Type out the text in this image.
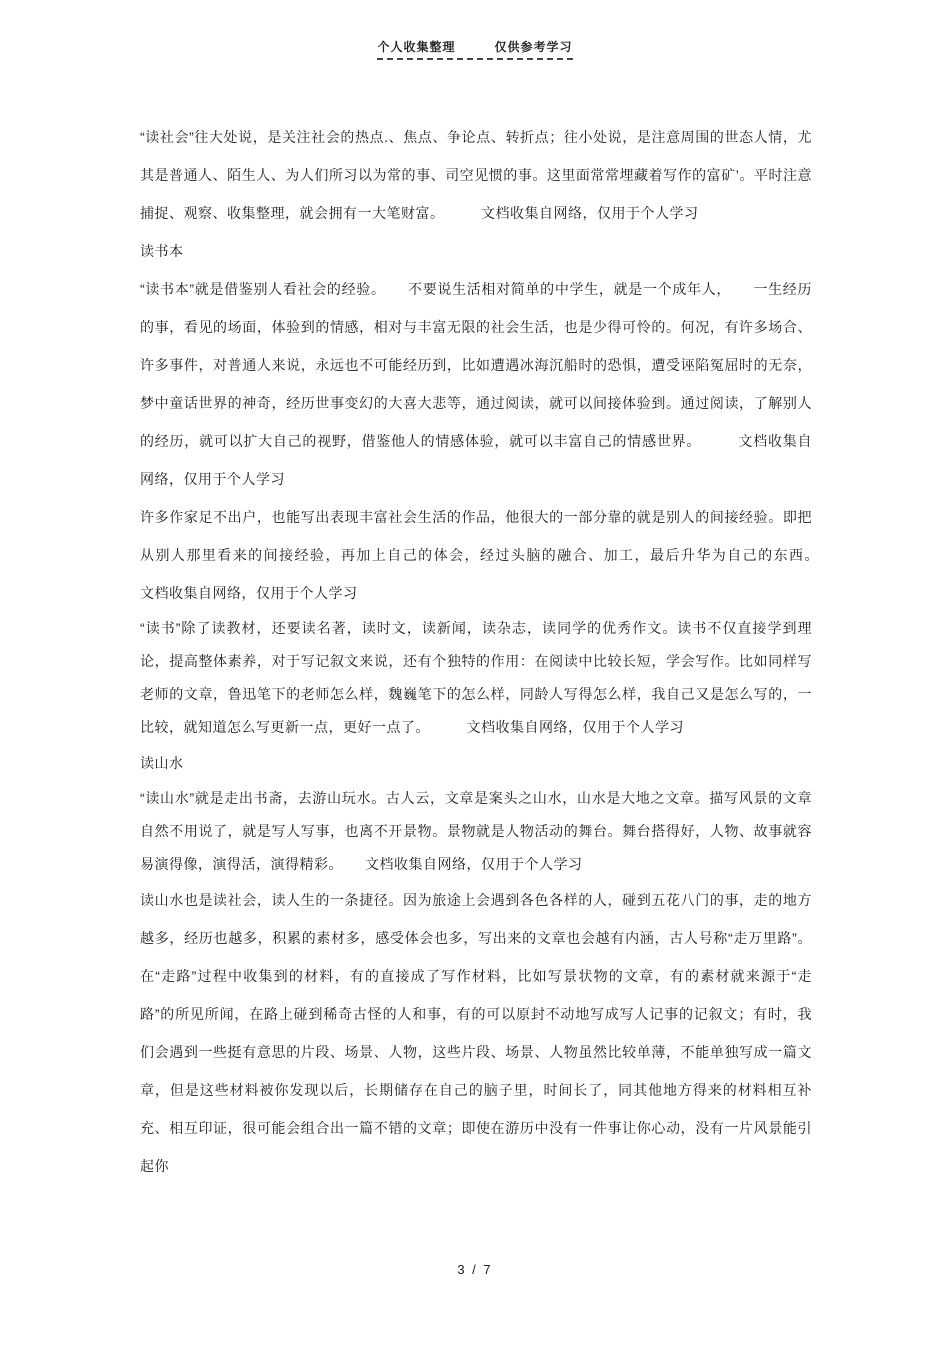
个人收集整理　　　仅供参考学习

“读社会”往大处说，是关注社会的热点.、焦点、争论点、转折点；往小处说，是注意周围的世态人情，尤其是普通人、陌生人、为人们所习以为常的事、司空见惯的事。这里面常常埋藏着写作的富矿’。平时注意捕捉、观察、收集整理，就会拥有一大笔财富。　　　文档收集自网络，仅用于个人学习

读书本

“读书本”就是借鉴别人看社会的经验。　　不要说生活相对简单的中学生，就是一个成年人，　　一生经历的事，看见的场面，体验到的情感，相对与丰富无限的社会生活，也是少得可怜的。何况，有许多场合、许多事件，对普通人来说，永远也不可能经历到，比如遭遇冰海沉船时的恐惧，遭受诬陷冤屈时的无奈，梦中童话世界的神奇，经历世事变幻的大喜大悲等，通过阅读，就可以间接体验到。通过阅读，了解别人的经历，就可以扩大自己的视野，借鉴他人的情感体验，就可以丰富自己的情感世界。　　　文档收集自网络，仅用于个人学习

许多作家足不出户，也能写出表现丰富社会生活的作品，他很大的一部分靠的就是别人的间接经验。即把从别人那里看来的间接经验，再加上自己的体会，经过头脑的融合、加工，最后升华为自己的东西。　　　　文档收集自网络，仅用于个人学习

“读书”除了读教材，还要读名著，读时文，读新闻，读杂志，读同学的优秀作文。读书不仅直接学到理论，提高整体素养，对于写记叙文来说，还有个独特的作用：在阅读中比较长短，学会写作。比如同样写老师的文章，鲁迅笔下的老师怎么样，魏巍笔下的怎么样，同龄人写得怎么样，我自己又是怎么写的，一比较，就知道怎么写更新一点，更好一点了。　　　文档收集自网络，仅用于个人学习

读山水

“读山水”就是走出书斋，去游山玩水。古人云，文章是案头之山水，山水是大地之文章。描写风景的文章自然不用说了，就是写人写事，也离不开景物。景物就是人物活动的舞台。舞台搭得好，人物、故事就容易演得像，演得活，演得精彩。　　文档收集自网络，仅用于个人学习

读山水也是读社会，读人生的一条捷径。因为旅途上会遇到各色各样的人，碰到五花八门的事，走的地方越多，经历也越多，积累的素材多，感受体会也多，写出来的文章也会越有内涵，古人号称“走万里路”。在“走路”过程中收集到的材料，有的直接成了写作材料，比如写景状物的文章，有的素材就来源于“走路”的所见所闻，在路上碰到稀奇古怪的人和事，有的可以原封不动地写成写人记事的记叙文；有时，我们会遇到一些挺有意思的片段、场景、人物，这些片段、场景、人物虽然比较单薄，不能单独写成一篇文章，但是这些材料被你发现以后，长期储存在自己的脑子里，时间长了，同其他地方得来的材料相互补充、相互印证，很可能会组合出一篇不错的文章；即使在游历中没有一件事让你心动，没有一片风景能引起你

3 / 7
